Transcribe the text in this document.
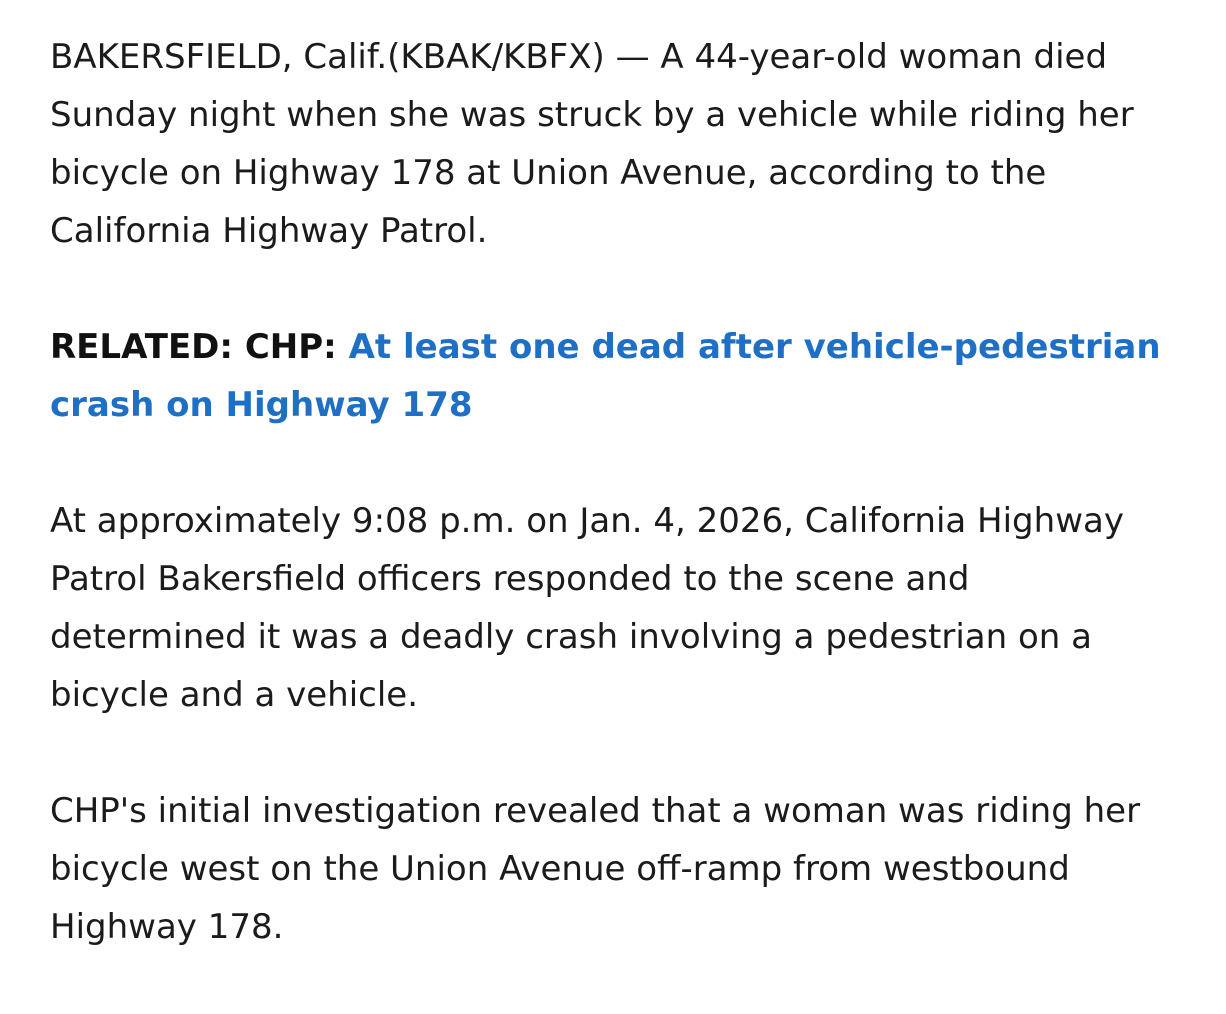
BAKERSFIELD, Calif.(KBAK/KBFX) — A 44-year-old woman died Sunday night when she was struck by a vehicle while riding her bicycle on Highway 178 at Union Avenue, according to the California Highway Patrol.

RELATED: CHP: At least one dead after vehicle-pedestrian crash on Highway 178

At approximately 9:08 p.m. on Jan. 4, 2026, California Highway Patrol Bakersfield officers responded to the scene and determined it was a deadly crash involving a pedestrian on a bicycle and a vehicle.

CHP's initial investigation revealed that a woman was riding her bicycle west on the Union Avenue off-ramp from westbound Highway 178.
